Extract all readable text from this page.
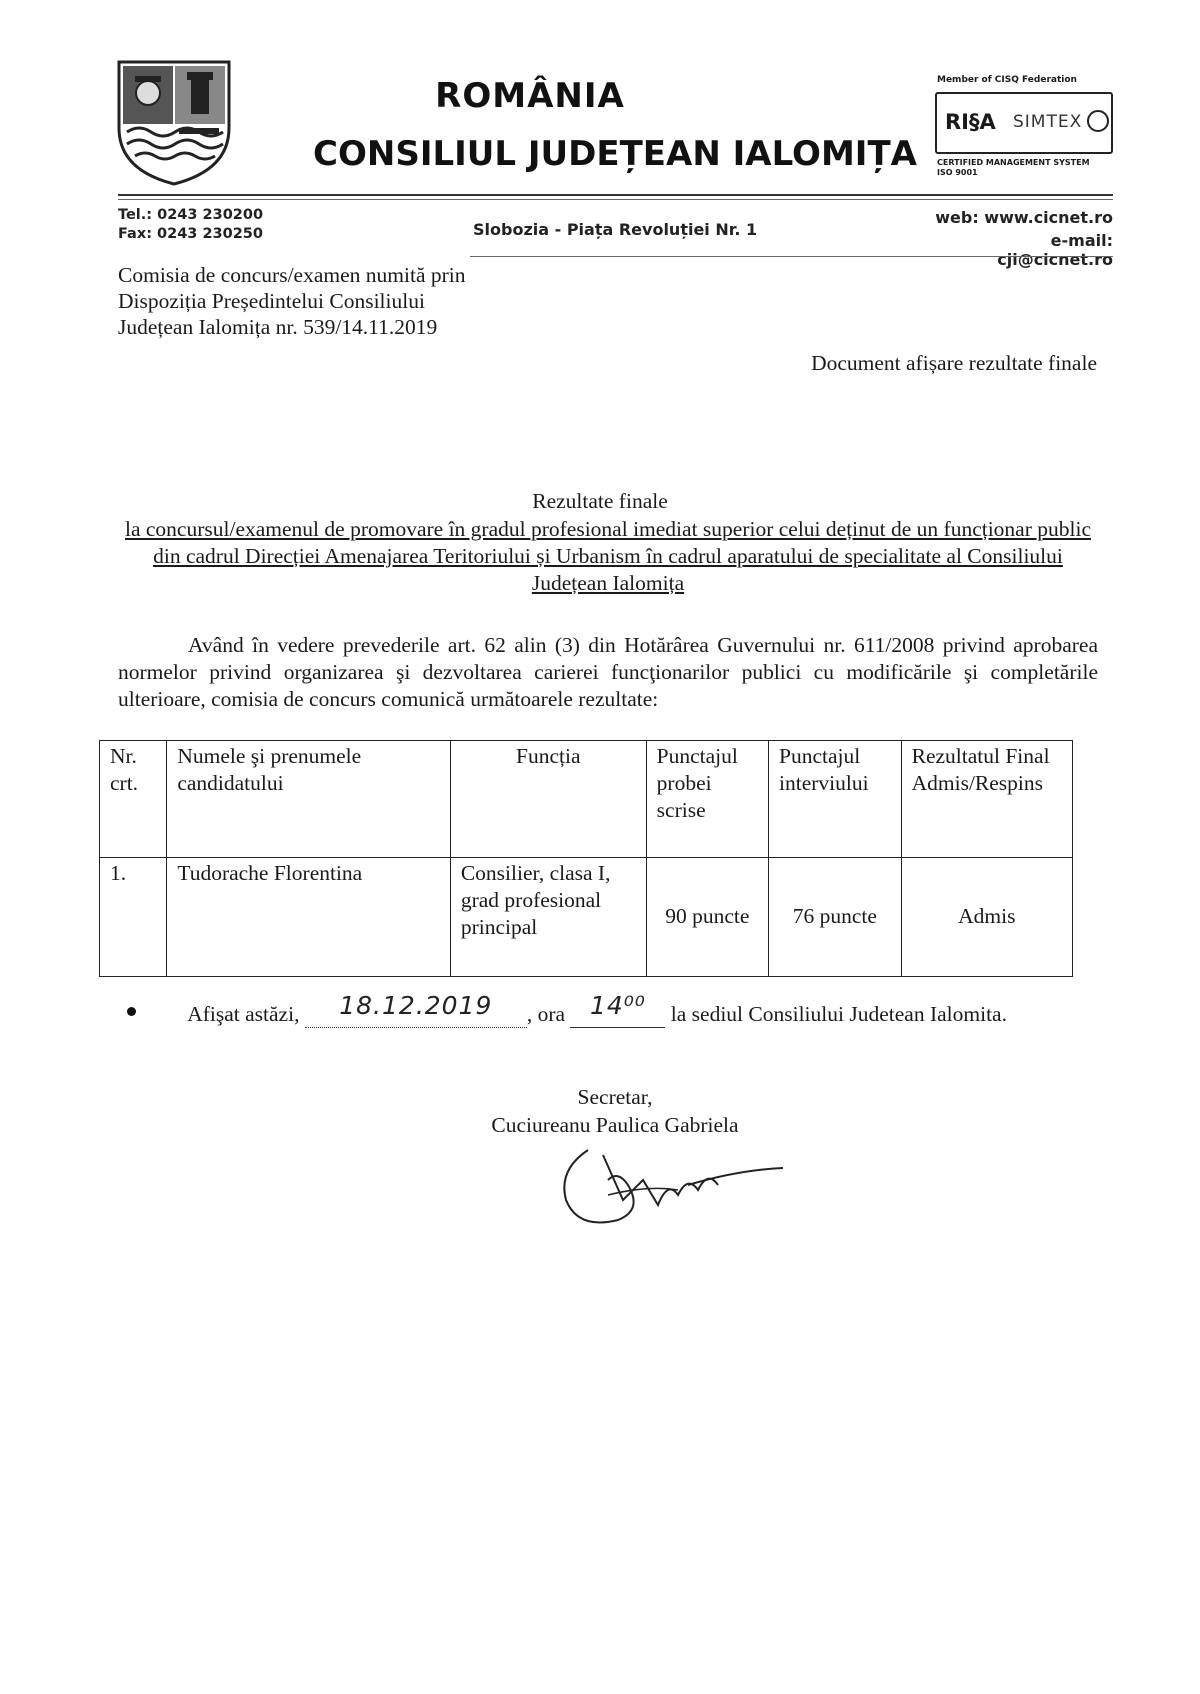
ROMÂNIA
CONSILIUL JUDEȚEAN IALOMIȚA
Member of CISQ Federation
RI§A SIMTEX
CERTIFIED MANAGEMENT SYSTEM
ISO 9001
Tel.: 0243 230200
Fax: 0243 230250	Slobozia - Piața Revoluției Nr. 1
web: www.cicnet.ro
e-mail: cji@cicnet.ro
Comisia de concurs/examen numită prin
Dispoziția Președintelui Consiliului
Județean Ialomița nr. 539/14.11.2019
Document afișare rezultate finale
Rezultate finale
la concursul/examenul de promovare în gradul profesional imediat superior celui deținut de un funcționar public din cadrul Direcției Amenajarea Teritoriului și Urbanism în cadrul aparatului de specialitate al Consiliului Județean Ialomița
Având în vedere prevederile art. 62 alin (3) din Hotărârea Guvernului nr. 611/2008 privind aprobarea normelor privind organizarea şi dezvoltarea carierei funcţionarilor publici cu modificările şi completările ulterioare, comisia de concurs comunică următoarele rezultate:
Nr. crt.	Numele şi prenumele candidatului	Funcția	Punctajul probei scrise	Punctajul interviului	Rezultatul Final Admis/Respins
1.	Tudorache Florentina	Consilier, clasa I, grad profesional principal	90 puncte	76 puncte	Admis
Afişat astăzi, 18.12.2019 , ora 14⁰⁰ la sediul Consiliului Judetean Ialomita.
Secretar,
Cuciureanu Paulica Gabriela
